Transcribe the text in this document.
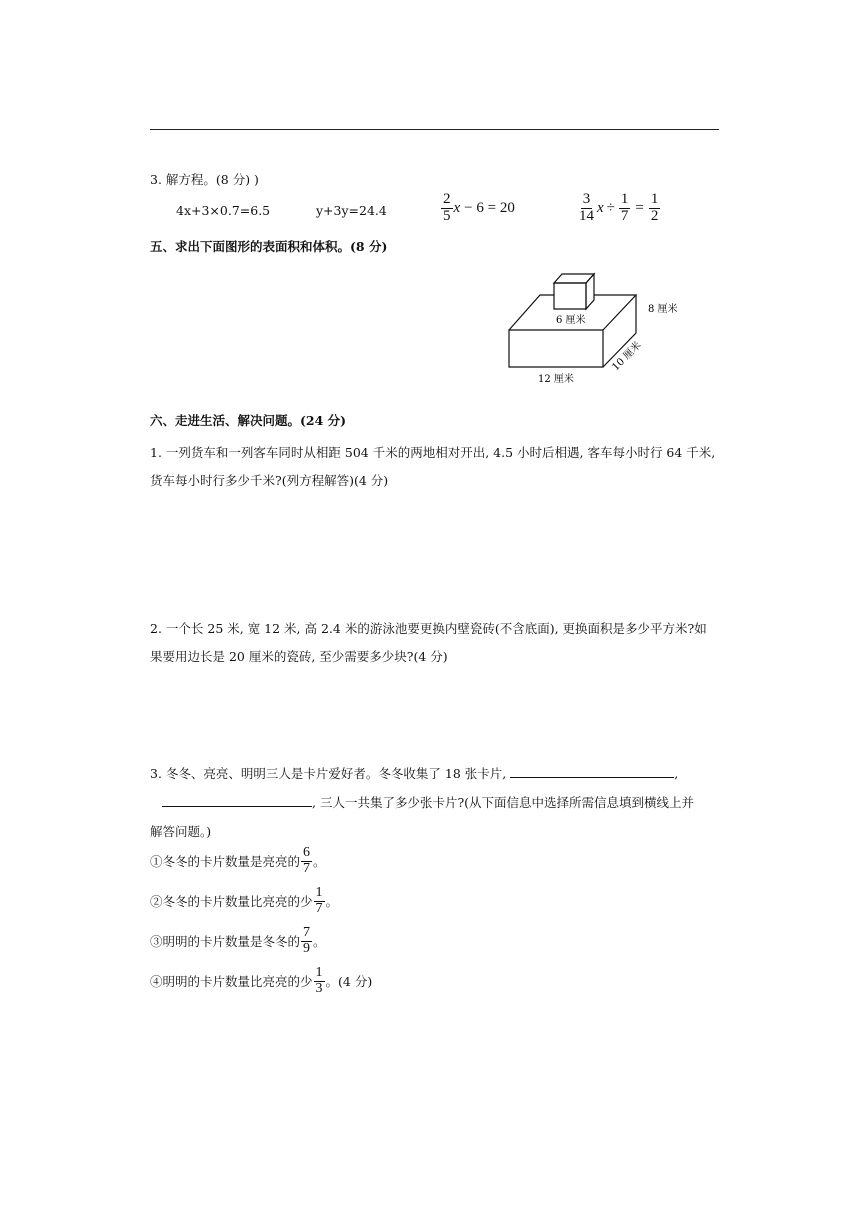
3. 解方程。(8 分) )
4x+3×0.7=6.5	y+3y=24.4	$\frac{2}{5}$ x − 6 = 20	$\frac{3}{14}$ $x \div \frac{1}{7} = \frac{1}{2}$
五、求出下面图形的表面积和体积。(8 分)
6 厘米
8 厘米
12 厘米
10 厘米
六、走进生活、解决问题。(24 分)
1. 一列货车和一列客车同时从相距 504 千米的两地相对开出, 4.5 小时后相遇, 客车每小时行 64 千米,
货车每小时行多少千米?(列方程解答)(4 分)
2. 一个长 25 米, 宽 12 米, 高 2.4 米的游泳池要更换内壁瓷砖(不含底面), 更换面积是多少平方米?如
果要用边长是 20 厘米的瓷砖, 至少需要多少块?(4 分)
3. 冬冬、亮亮、明明三人是卡片爱好者。冬冬收集了 18 张卡片,	,
, 三人一共集了多少张卡片?(从下面信息中选择所需信息填到横线上并
解答问题。)
①冬冬的卡片数量是亮亮的 $\frac{6}{7}$ 。
②冬冬的卡片数量比亮亮的少 $\frac{1}{7}$ 。
③明明的卡片数量是冬冬的 $\frac{7}{9}$ 。
④明明的卡片数量比亮亮的少 $\frac{1}{3}$ 。(4 分)
